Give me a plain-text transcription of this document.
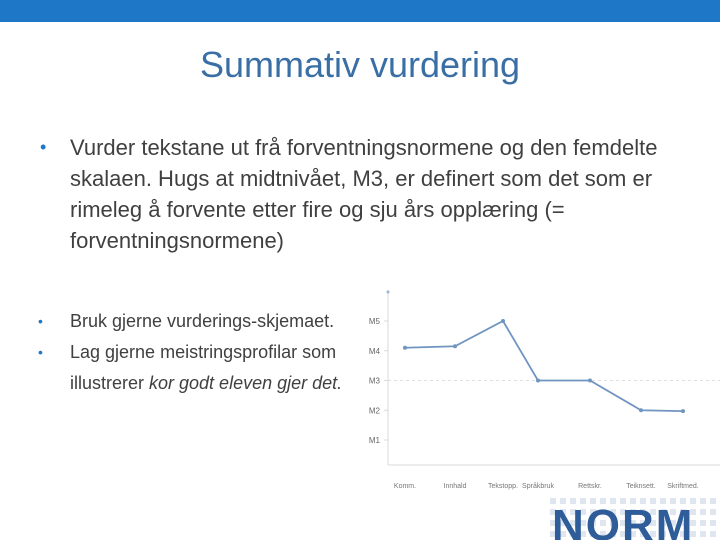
Summativ vurdering
• Vurder tekstane ut frå forventningsnormene og den femdelte skalaen. Hugs at midtnivået, M3, er definert som det som er rimeleg å forvente etter fire og sju års opplæring (= forventningsnormene)
• Bruk gjerne vurderings-skjemaet.
• Lag gjerne meistringsprofilar som illustrerer kor godt eleven gjer det.
M1
M2
M3
M4
M5
Komm.	Innhald	Tekstopp. Språkbruk	Rettskr.	Teiknsett. Skriftmed.
NORM
